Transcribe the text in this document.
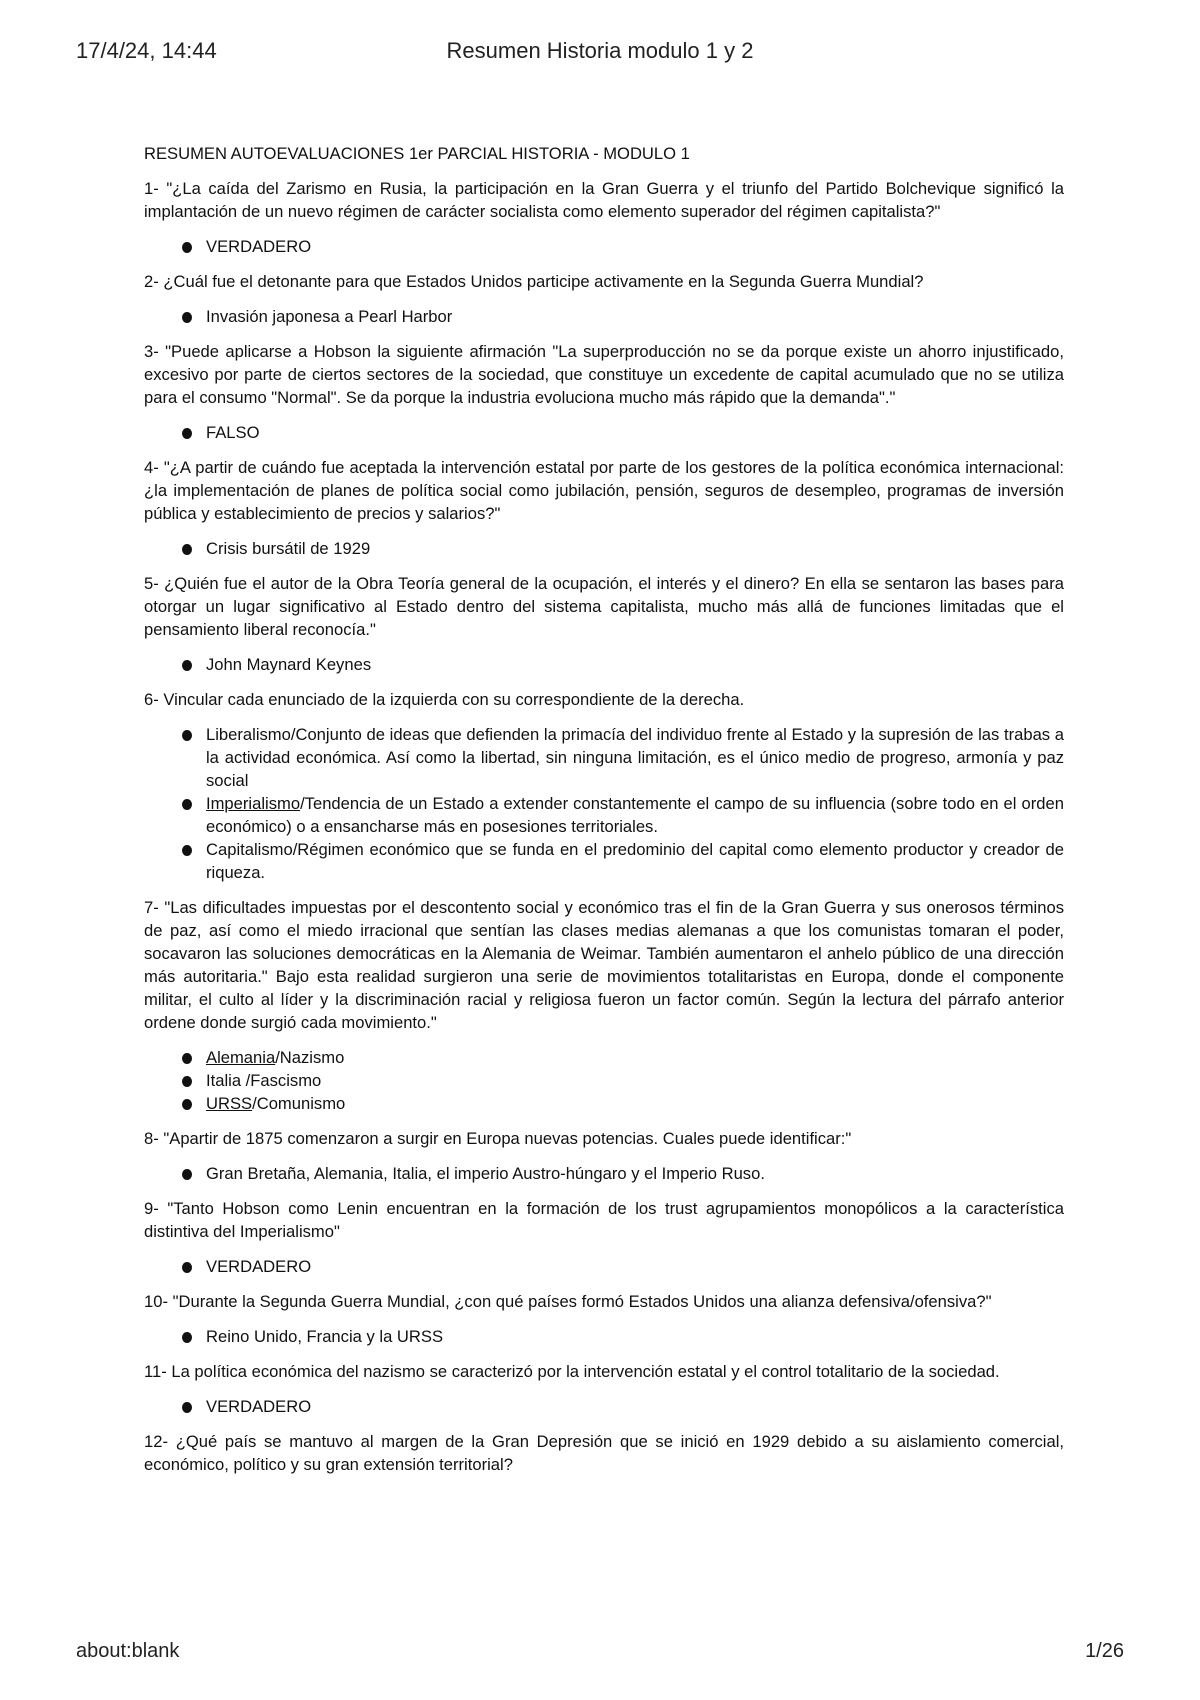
17/4/24, 14:44	Resumen Historia modulo 1 y 2

RESUMEN AUTOEVALUACIONES 1er PARCIAL HISTORIA - MODULO 1

1- "¿La caída del Zarismo en Rusia, la participación en la Gran Guerra y el triunfo del Partido Bolchevique significó la implantación de un nuevo régimen de carácter socialista como elemento superador del régimen capitalista?"

VERDADERO

2- ¿Cuál fue el detonante para que Estados Unidos participe activamente en la Segunda Guerra Mundial?

Invasión japonesa a Pearl Harbor

3- "Puede aplicarse a Hobson la siguiente afirmación "La superproducción no se da porque existe un ahorro injustificado, excesivo por parte de ciertos sectores de la sociedad, que constituye un excedente de capital acumulado que no se utiliza para el consumo "Normal". Se da porque la industria evoluciona mucho más rápido que la demanda"."

FALSO

4- "¿A partir de cuándo fue aceptada la intervención estatal por parte de los gestores de la política económica internacional: ¿la implementación de planes de política social como jubilación, pensión, seguros de desempleo, programas de inversión pública y establecimiento de precios y salarios?"

Crisis bursátil de 1929

5- ¿Quién fue el autor de la Obra Teoría general de la ocupación, el interés y el dinero? En ella se sentaron las bases para otorgar un lugar significativo al Estado dentro del sistema capitalista, mucho más allá de funciones limitadas que el pensamiento liberal reconocía."

John Maynard Keynes

6- Vincular cada enunciado de la izquierda con su correspondiente de la derecha.

Liberalismo/Conjunto de ideas que defienden la primacía del individuo frente al Estado y la supresión de las trabas a la actividad económica. Así como la libertad, sin ninguna limitación, es el único medio de progreso, armonía y paz social
Imperialismo/Tendencia de un Estado a extender constantemente el campo de su influencia (sobre todo en el orden económico) o a ensancharse más en posesiones territoriales.
Capitalismo/Régimen económico que se funda en el predominio del capital como elemento productor y creador de riqueza.

7- "Las dificultades impuestas por el descontento social y económico tras el fin de la Gran Guerra y sus onerosos términos de paz, así como el miedo irracional que sentían las clases medias alemanas a que los comunistas tomaran el poder, socavaron las soluciones democráticas en la Alemania de Weimar. También aumentaron el anhelo público de una dirección más autoritaria." Bajo esta realidad surgieron una serie de movimientos totalitaristas en Europa, donde el componente militar, el culto al líder y la discriminación racial y religiosa fueron un factor común. Según la lectura del párrafo anterior ordene donde surgió cada movimiento."

Alemania/Nazismo
Italia /Fascismo
URSS/Comunismo

8- "Apartir de 1875 comenzaron a surgir en Europa nuevas potencias. Cuales puede identificar:"

Gran Bretaña, Alemania, Italia, el imperio Austro-húngaro y el Imperio Ruso.

9- "Tanto Hobson como Lenin encuentran en la formación de los trust agrupamientos monopólicos a la característica distintiva del Imperialismo"

VERDADERO

10- "Durante la Segunda Guerra Mundial, ¿con qué países formó Estados Unidos una alianza defensiva/ofensiva?"

Reino Unido, Francia y la URSS

11- La política económica del nazismo se caracterizó por la intervención estatal y el control totalitario de la sociedad.

VERDADERO

12- ¿Qué país se mantuvo al margen de la Gran Depresión que se inició en 1929 debido a su aislamiento comercial, económico, político y su gran extensión territorial?

about:blank	1/26
